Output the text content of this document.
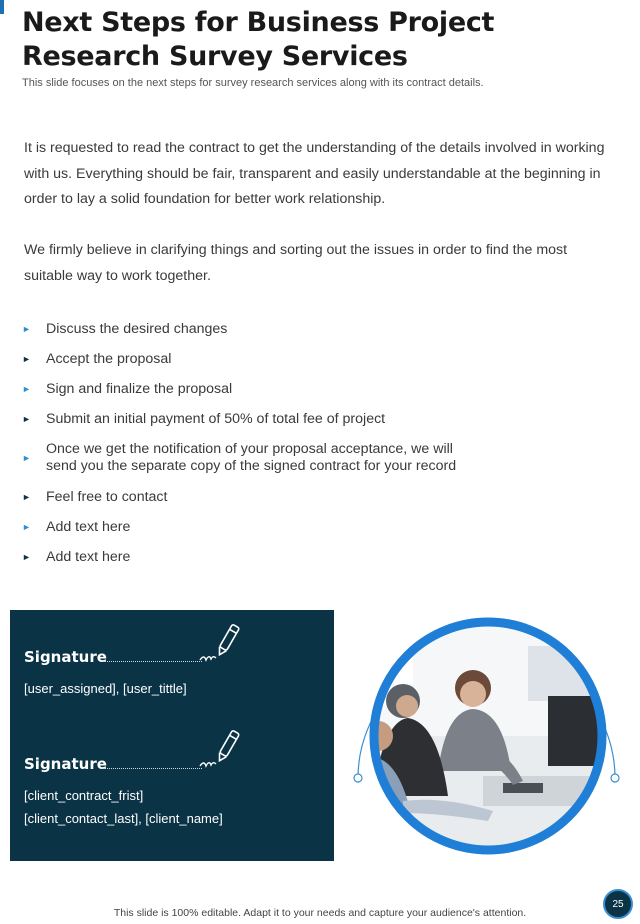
Next Steps for Business Project Research Survey Services
This slide focuses on the next steps for survey research services along with its contract details.

It is requested to read the contract to get the understanding of the details involved in working with us. Everything should be fair, transparent and easily understandable at the beginning in order to lay a solid foundation for better work relationship.

We firmly believe in clarifying things and sorting out the issues in order to find the most suitable way to work together.

►	Discuss the desired changes
►	Accept the proposal
►	Sign and finalize the proposal
►	Submit an initial payment of 50% of total fee of project
►
Once we get the notification of your proposal acceptance, we will send you the separate copy of the signed contract for your record
►	Feel free to contact
►	Add text here
►	Add text here
Signature
[user_assigned], [user_tittle]
Signature
[client_contract_frist]
[client_contact_last], [client_name]
25
This slide is 100% editable. Adapt it to your needs and capture your audience's attention.
